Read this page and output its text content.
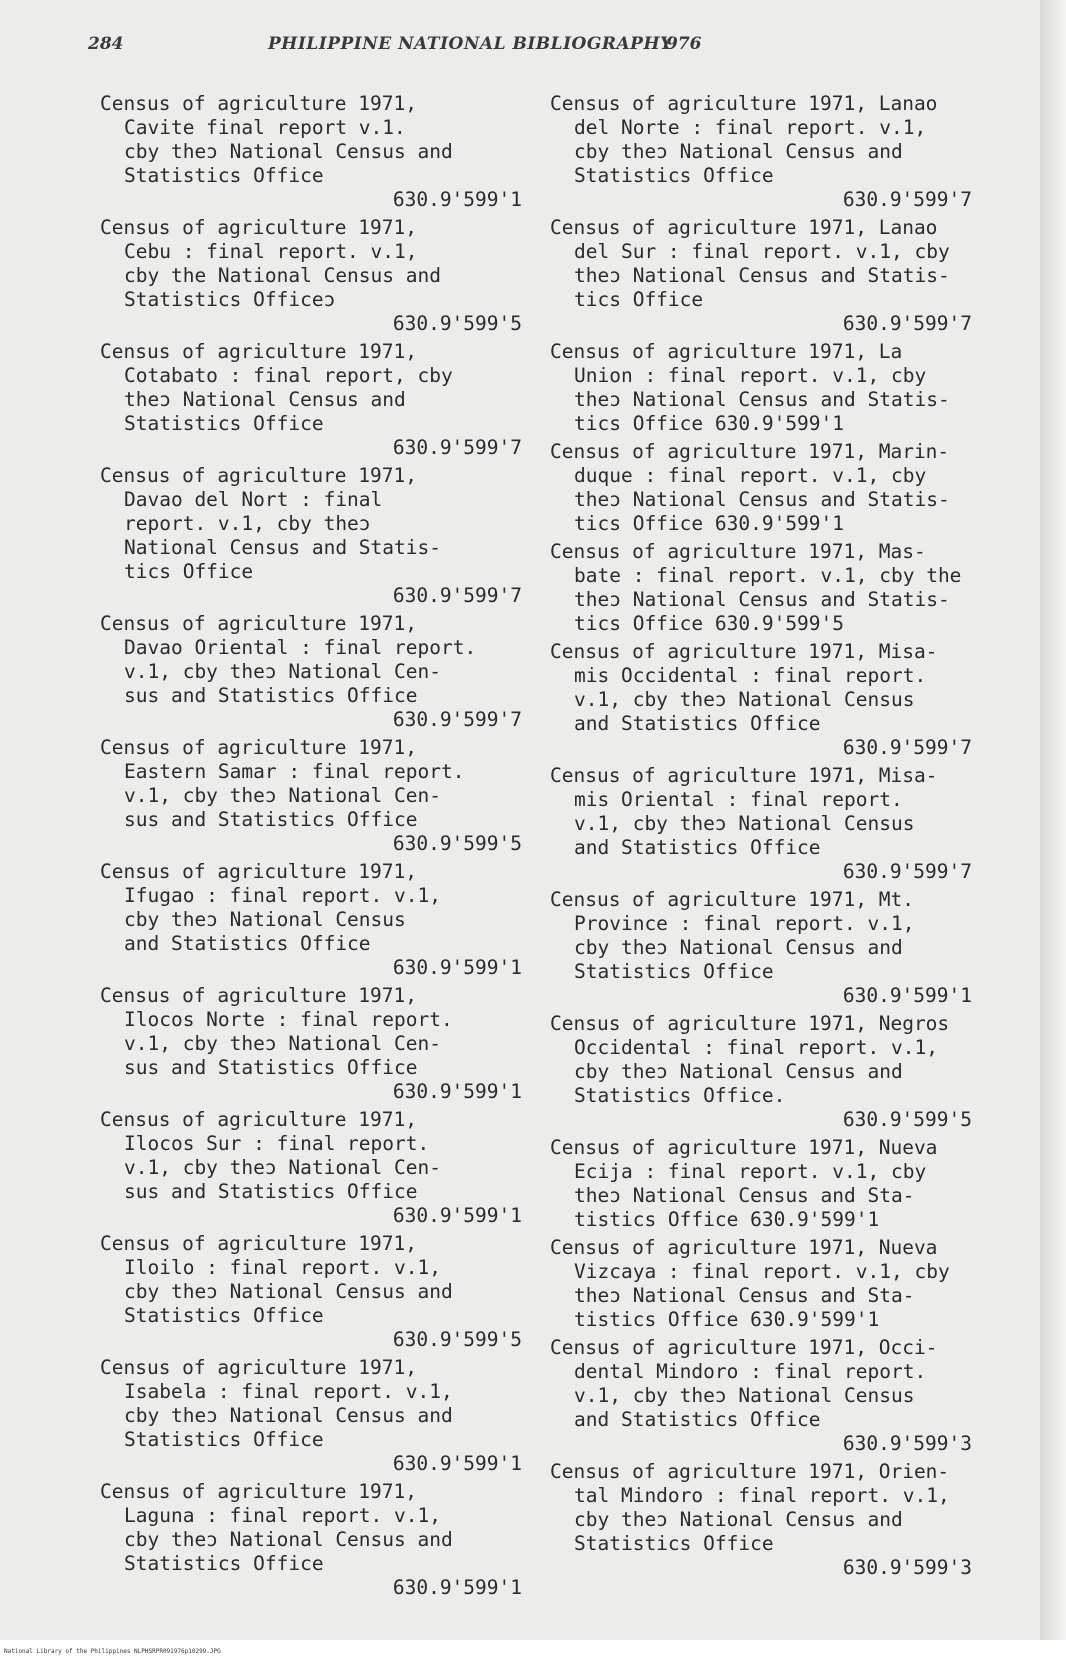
284	PHILIPPINE NATIONAL BIBLIOGRAPHY
976
Census of agriculture 1971,
Cavite final report v.1.
cby theɔ National Census and
Statistics Office
630.9'599'1
Census of agriculture 1971,
Cebu : final report. v.1,
cby the National Census and
Statistics Officeɔ
630.9'599'5
Census of agriculture 1971,
Cotabato : final report, cby
theɔ National Census and
Statistics Office
630.9'599'7
Census of agriculture 1971,
Davao del Nort : final
report. v.1, cby theɔ
National Census and Statis-
tics Office
630.9'599'7
Census of agriculture 1971,
Davao Oriental : final report.
v.1, cby theɔ National Cen-
sus and Statistics Office
630.9'599'7
Census of agriculture 1971,
Eastern Samar : final report.
v.1, cby theɔ National Cen-
sus and Statistics Office
630.9'599'5
Census of agriculture 1971,
Ifugao : final report. v.1,
cby theɔ National Census
and Statistics Office
630.9'599'1
Census of agriculture 1971,
Ilocos Norte : final report.
v.1, cby theɔ National Cen-
sus and Statistics Office
630.9'599'1
Census of agriculture 1971,
Ilocos Sur : final report.
v.1, cby theɔ National Cen-
sus and Statistics Office
630.9'599'1
Census of agriculture 1971,
Iloilo : final report. v.1,
cby theɔ National Census and
Statistics Office
630.9'599'5
Census of agriculture 1971,
Isabela : final report. v.1,
cby theɔ National Census and
Statistics Office
630.9'599'1
Census of agriculture 1971,
Laguna : final report. v.1,
cby theɔ National Census and
Statistics Office
630.9'599'1
Census of agriculture 1971, Lanao
del Norte : final report. v.1,
cby theɔ National Census and
Statistics Office
630.9'599'7
Census of agriculture 1971, Lanao
del Sur : final report. v.1, cby
theɔ National Census and Statis-
tics Office
630.9'599'7
Census of agriculture 1971, La
Union : final report. v.1, cby
theɔ National Census and Statis-
tics Office 630.9'599'1
Census of agriculture 1971, Marin-
duque : final report. v.1, cby
theɔ National Census and Statis-
tics Office 630.9'599'1
Census of agriculture 1971, Mas-
bate : final report. v.1, cby the
theɔ National Census and Statis-
tics Office 630.9'599'5
Census of agriculture 1971, Misa-
mis Occidental : final report.
v.1, cby theɔ National Census
and Statistics Office
630.9'599'7
Census of agriculture 1971, Misa-
mis Oriental : final report.
v.1, cby theɔ National Census
and Statistics Office
630.9'599'7
Census of agriculture 1971, Mt.
Province : final report. v.1,
cby theɔ National Census and
Statistics Office
630.9'599'1
Census of agriculture 1971, Negros
Occidental : final report. v.1,
cby theɔ National Census and
Statistics Office.
630.9'599'5
Census of agriculture 1971, Nueva
Ecija : final report. v.1, cby
theɔ National Census and Sta-
tistics Office 630.9'599'1
Census of agriculture 1971, Nueva
Vizcaya : final report. v.1, cby
theɔ National Census and Sta-
tistics Office 630.9'599'1
Census of agriculture 1971, Occi-
dental Mindoro : final report.
v.1, cby theɔ National Census
and Statistics Office
630.9'599'3
Census of agriculture 1971, Orien-
tal Mindoro : final report. v.1,
cby theɔ National Census and
Statistics Office
630.9'599'3
National Library of the Philippines NLPHSRPR091976p10299.JPG
